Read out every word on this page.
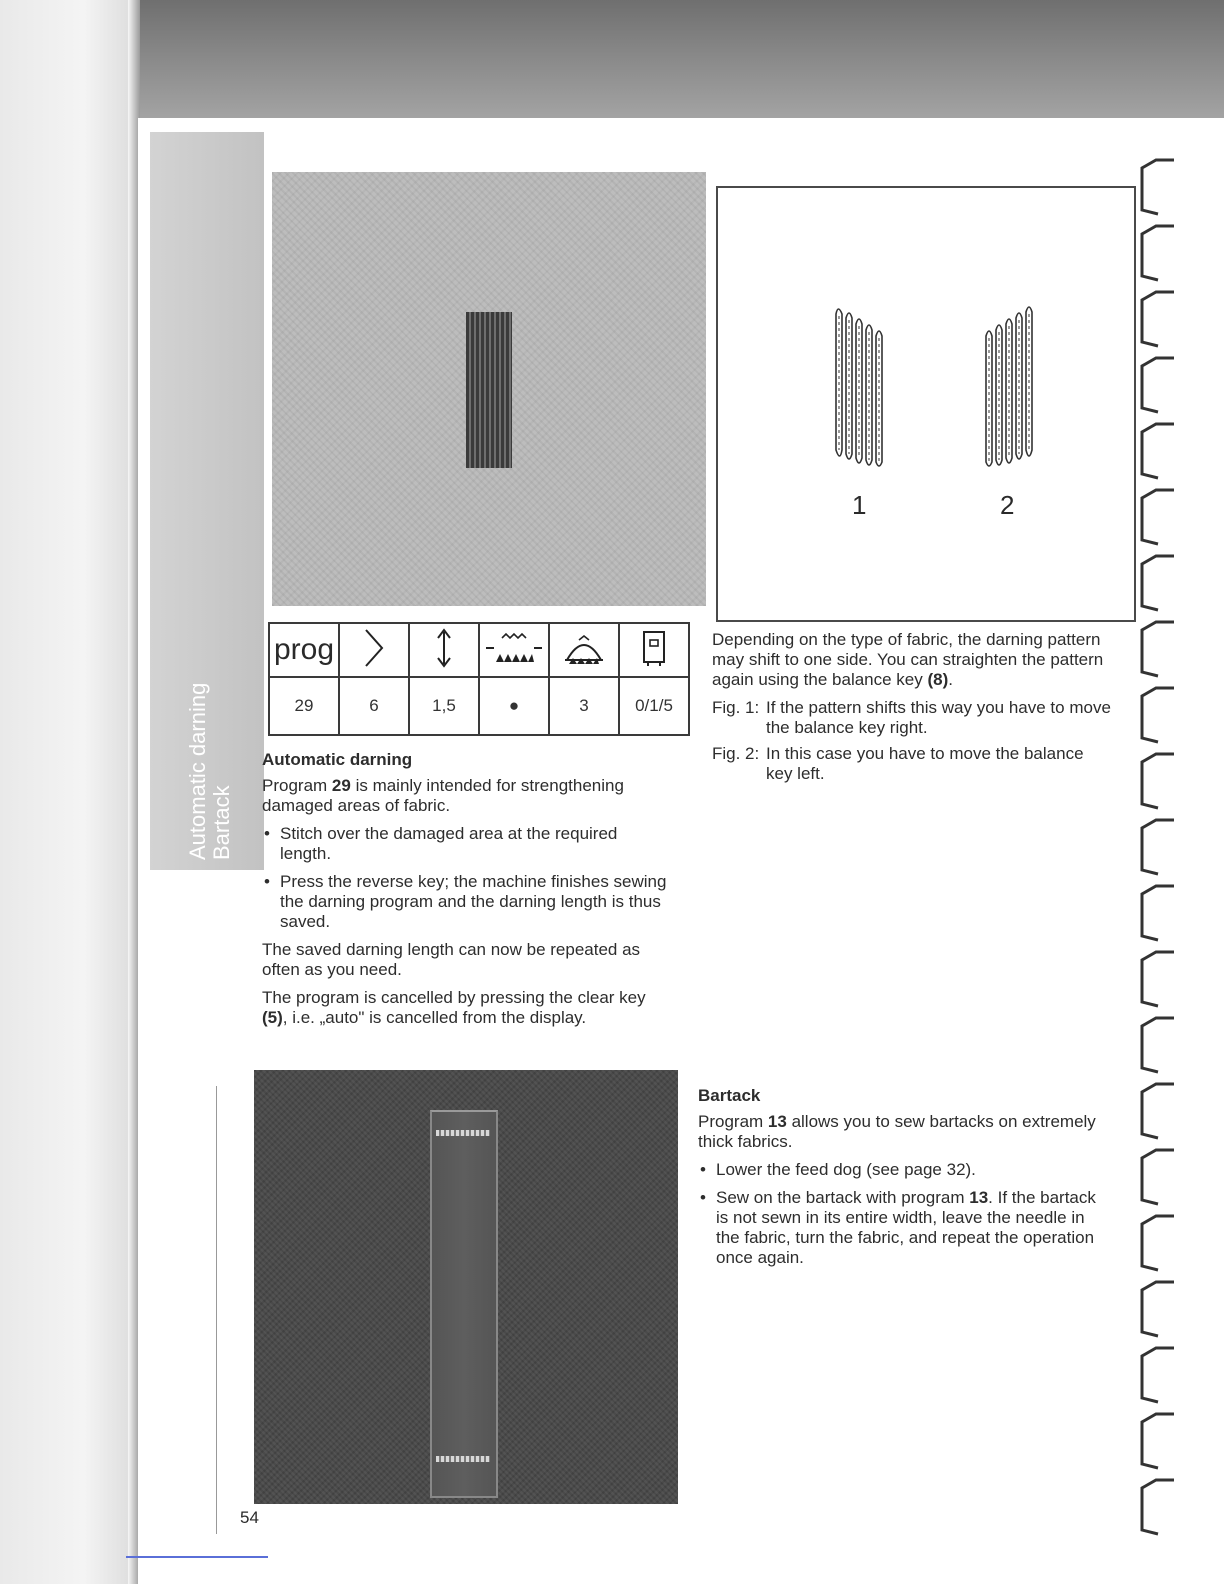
Automatic darning Bartack
1	2
prog					
29	6	1,5	●	3	0/1/5
Automatic darning

Program 29 is mainly intended for strengthening damaged areas of fabric.

• Stitch over the damaged area at the required length.
• Press the reverse key; the machine finishes sewing the darning program and the darning length is thus saved.

The saved darning length can now be repeated as often as you need.

The program is cancelled by pressing the clear key (5), i.e. „auto" is cancelled from the display.

Depending on the type of fabric, the darning pattern may shift to one side. You can straighten the pattern again using the balance key (8).

Fig. 1: If the pattern shifts this way you have to move the balance key right.
Fig. 2: In this case you have to move the balance key left.
Bartack

Program 13 allows you to sew bartacks on extremely thick fabrics.

• Lower the feed dog (see page 32).
• Sew on the bartack with program 13. If the bartack is not sewn in its entire width, leave the needle in the fabric, turn the fabric, and repeat the operation once again.
54
